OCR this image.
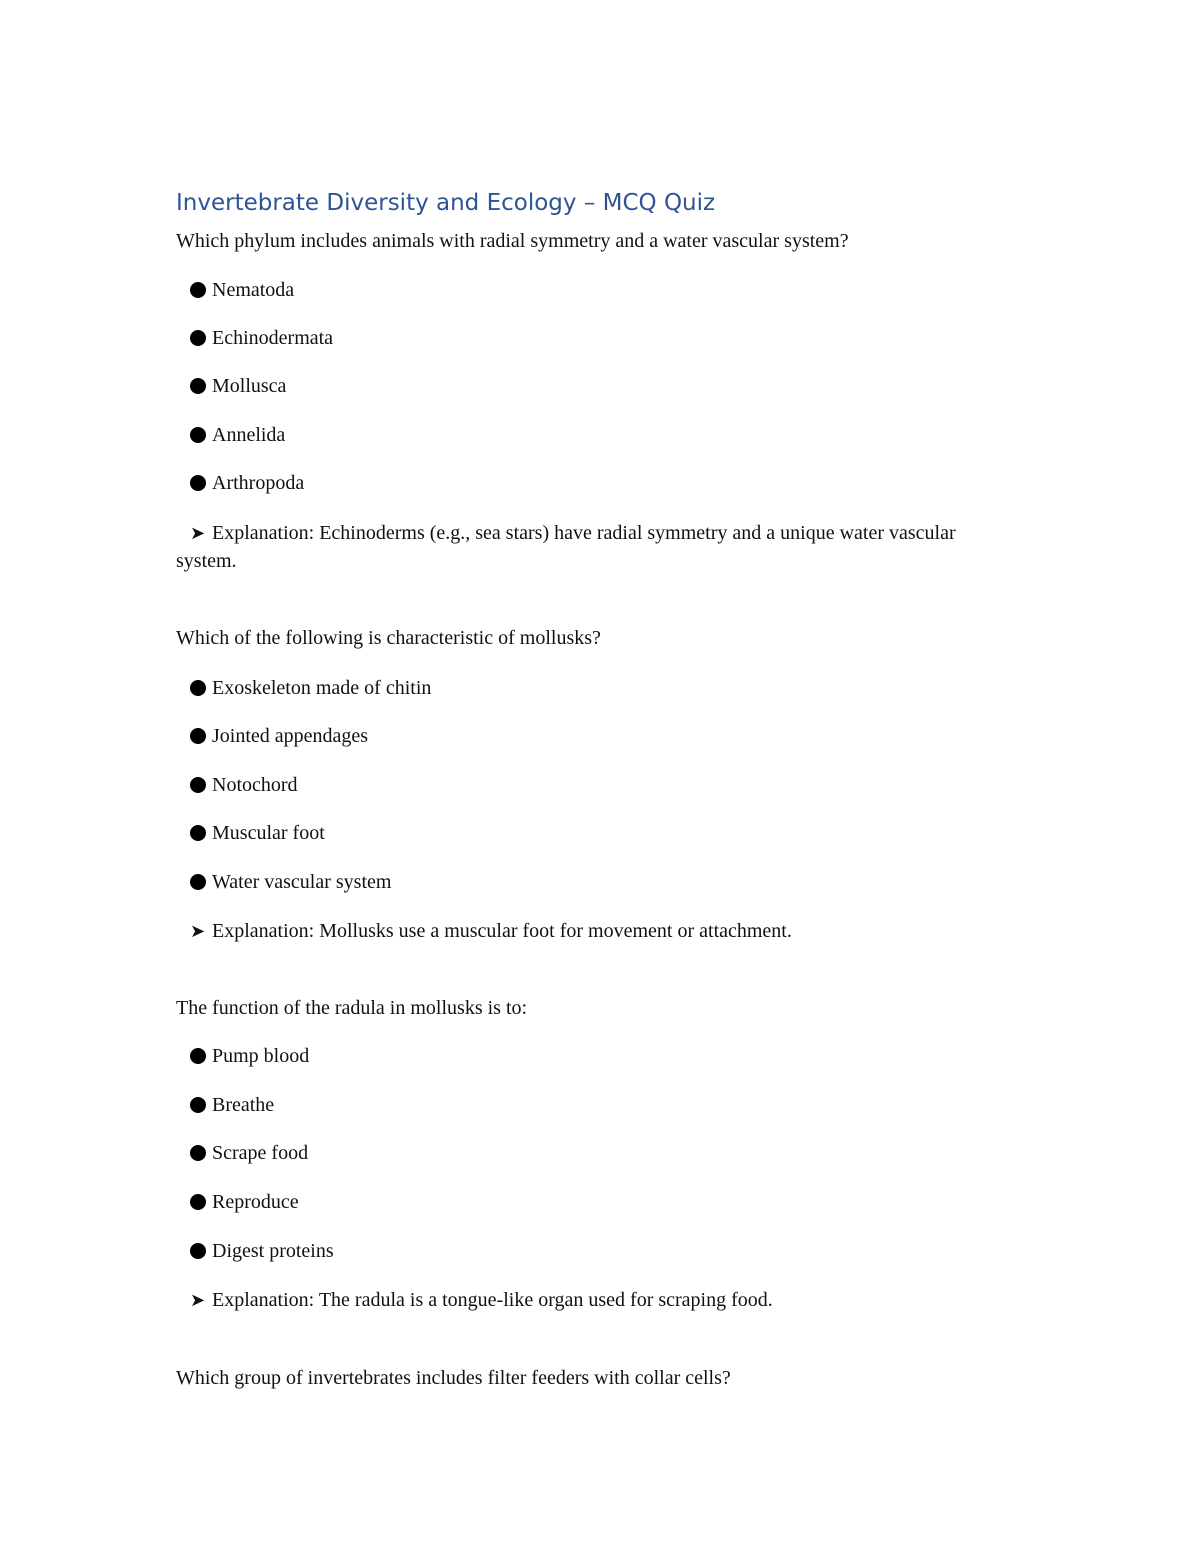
Invertebrate Diversity and Ecology – MCQ Quiz

Which phylum includes animals with radial symmetry and a water vascular system?

Nematoda
Echinodermata
Mollusca
Annelida
Arthropoda

➤ Explanation: Echinoderms (e.g., sea stars) have radial symmetry and a unique water vascular system.

Which of the following is characteristic of mollusks?

Exoskeleton made of chitin
Jointed appendages
Notochord
Muscular foot
Water vascular system

➤ Explanation: Mollusks use a muscular foot for movement or attachment.

The function of the radula in mollusks is to:

Pump blood
Breathe
Scrape food
Reproduce
Digest proteins

➤ Explanation: The radula is a tongue-like organ used for scraping food.

Which group of invertebrates includes filter feeders with collar cells?
